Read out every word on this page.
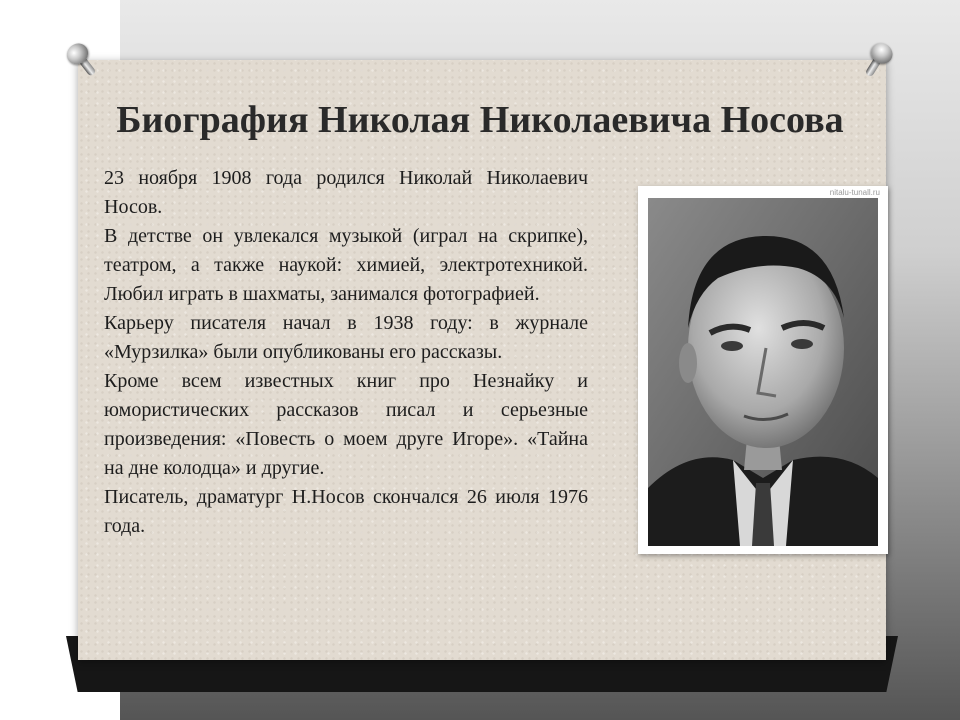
Биография Николая Николаевича Носова

23 ноября 1908 года родился Николай Николаевич Носов.

В детстве он увлекался музыкой (играл на скрипке), театром, а также наукой: химией, электротехникой. Любил играть в шахматы, занимался фотографией.

Карьеру писателя начал в 1938 году: в журнале «Мурзилка» были опубликованы его рассказы.

Кроме всем известных книг про Незнайку и юмористических рассказов писал и серьезные произведения: «Повесть о моем друге Игоре». «Тайна на дне колодца» и другие.

Писатель, драматург Н.Носов скончался 26 июля 1976 года.

nitalu-tunall.ru
